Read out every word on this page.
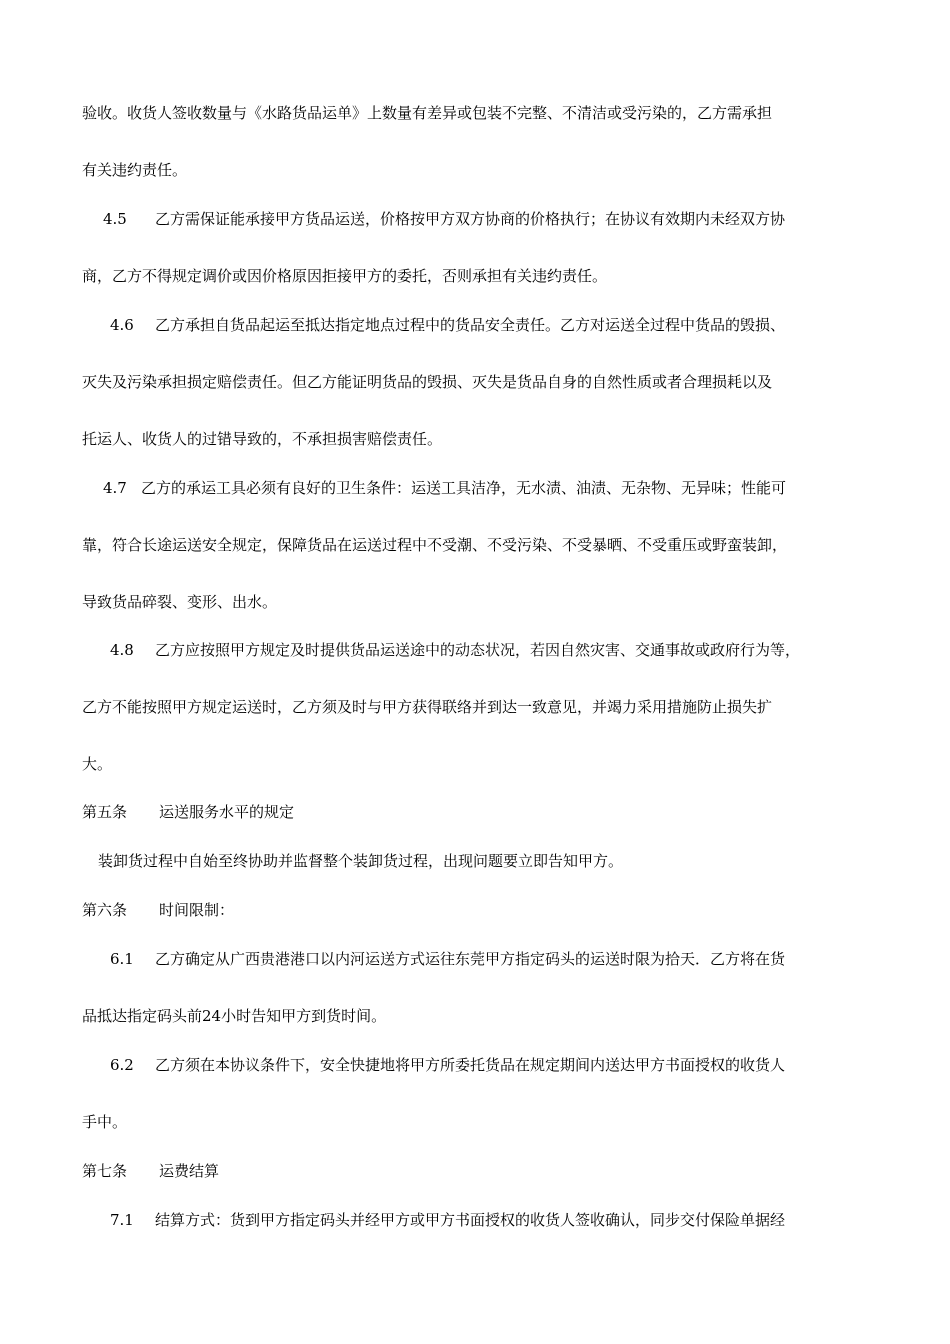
验收。收货人签收数量与《水路货品运单》上数量有差异或包装不完整、不清洁或受污染的，乙方需承担
有关违约责任。
4.5 乙方需保证能承接甲方货品运送，价格按甲方双方协商的价格执行；在协议有效期内未经双方协
商，乙方不得规定调价或因价格原因拒接甲方的委托，否则承担有关违约责任。
4.6 乙方承担自货品起运至抵达指定地点过程中的货品安全责任。乙方对运送全过程中货品的毁损、
灭失及污染承担损定赔偿责任。但乙方能证明货品的毁损、灭失是货品自身的自然性质或者合理损耗以及
托运人、收货人的过错导致的，不承担损害赔偿责任。
4.7 乙方的承运工具必须有良好的卫生条件：运送工具洁净，无水渍、油渍、无杂物、无异味；性能可
靠，符合长途运送安全规定，保障货品在运送过程中不受潮、不受污染、不受暴晒、不受重压或野蛮装卸，
导致货品碎裂、变形、出水。
4.8 乙方应按照甲方规定及时提供货品运送途中的动态状况，若因自然灾害、交通事故或政府行为等，
乙方不能按照甲方规定运送时，乙方须及时与甲方获得联络并到达一致意见，并竭力采用措施防止损失扩
大。
第五条 运送服务水平的规定
装卸货过程中自始至终协助并监督整个装卸货过程，出现问题要立即告知甲方。
第六条 时间限制：
6.1 乙方确定从广西贵港港口以内河运送方式运往东莞甲方指定码头的运送时限为拾天．乙方将在货
品抵达指定码头前24小时告知甲方到货时间。
6.2 乙方须在本协议条件下，安全快捷地将甲方所委托货品在规定期间内送达甲方书面授权的收货人
手中。
第七条 运费结算
7.1 结算方式：货到甲方指定码头并经甲方或甲方书面授权的收货人签收确认，同步交付保险单据经
